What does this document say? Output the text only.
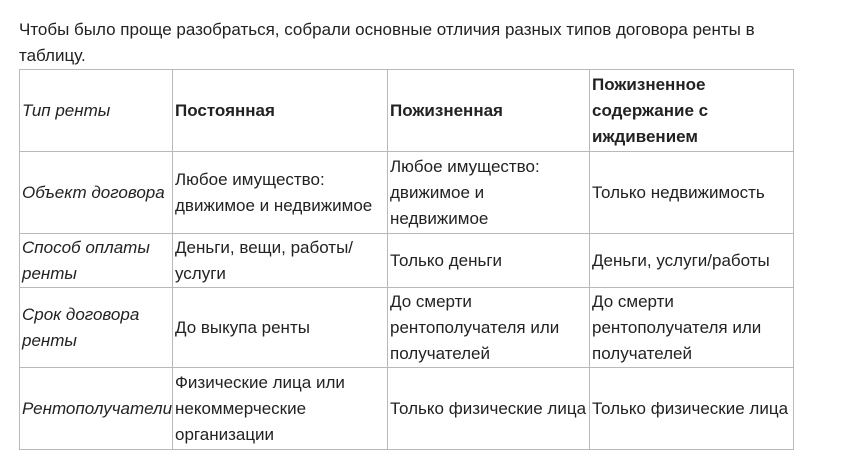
Чтобы было проще разобраться, собрали основные отличия разных типов договора ренты в таблицу.

Тип ренты	Постоянная	Пожизненная	Пожизненное содержание с иждивением
Объект договора	Любое имущество: движимое и недвижимое	Любое имущество: движимое и недвижимое	Только недвижимость
Способ оплаты ренты	Деньги, вещи, работы/услуги	Только деньги	Деньги, услуги/работы
Срок договора ренты	До выкупа ренты	До смерти рентополучателя или получателей	До смерти рентополучателя или получателей
Рентополучатели	Физические лица или некоммерческие организации	Только физические лица	Только физические лица
